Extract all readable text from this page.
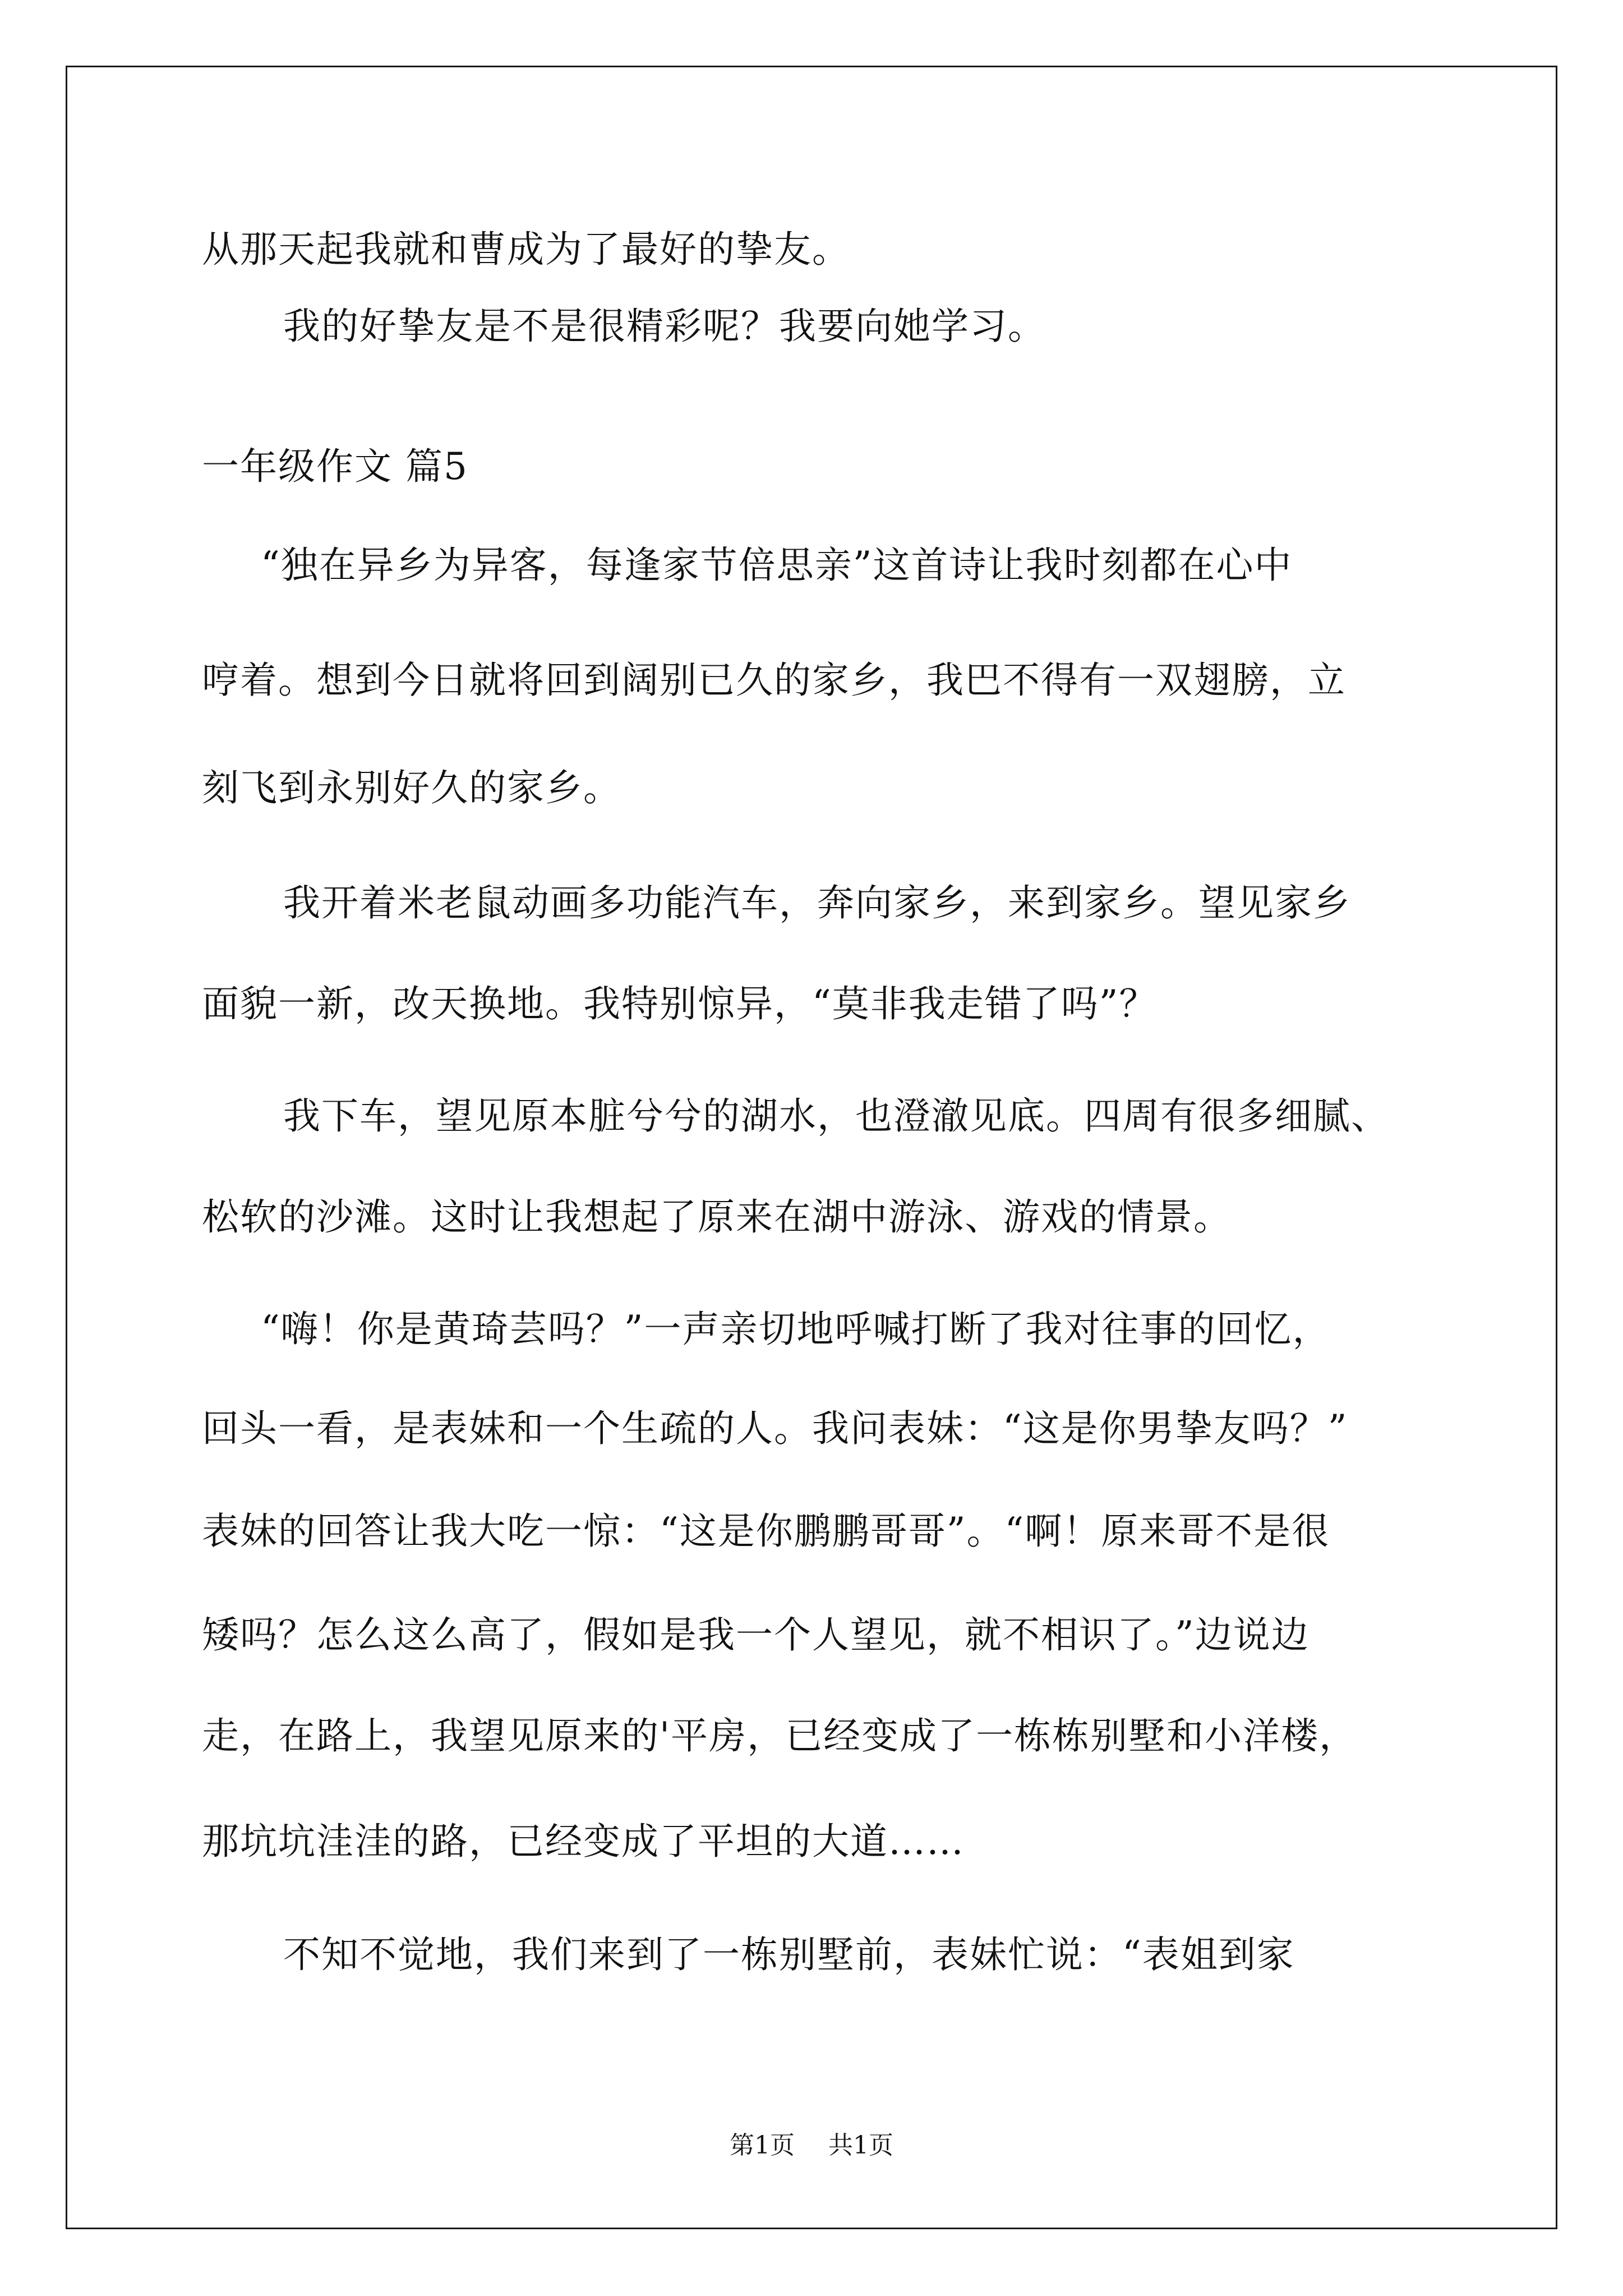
从那天起我就和曹成为了最好的挚友。
我的好挚友是不是很精彩呢？我要向她学习。
一年级作文 篇5
“独在异乡为异客，每逢家节倍思亲”这首诗让我时刻都在心中
哼着。想到今日就将回到阔别已久的家乡，我巴不得有一双翅膀，立
刻飞到永别好久的家乡。
我开着米老鼠动画多功能汽车，奔向家乡，来到家乡。望见家乡
面貌一新，改天换地。我特别惊异，“莫非我走错了吗”？
我下车，望见原本脏兮兮的湖水，也澄澈见底。四周有很多细腻、
松软的沙滩。这时让我想起了原来在湖中游泳、游戏的情景。
“嗨！你是黄琦芸吗？”一声亲切地呼喊打断了我对往事的回忆，
回头一看，是表妹和一个生疏的人。我问表妹：“这是你男挚友吗？”
表妹的回答让我大吃一惊：“这是你鹏鹏哥哥”。“啊！原来哥不是很
矮吗？怎么这么高了，假如是我一个人望见，就不相识了。”边说边
走，在路上，我望见原来的'平房，已经变成了一栋栋别墅和小洋楼，
那坑坑洼洼的路，已经变成了平坦的大道……
不知不觉地，我们来到了一栋别墅前，表妹忙说：“表姐到家
第1页 共1页
